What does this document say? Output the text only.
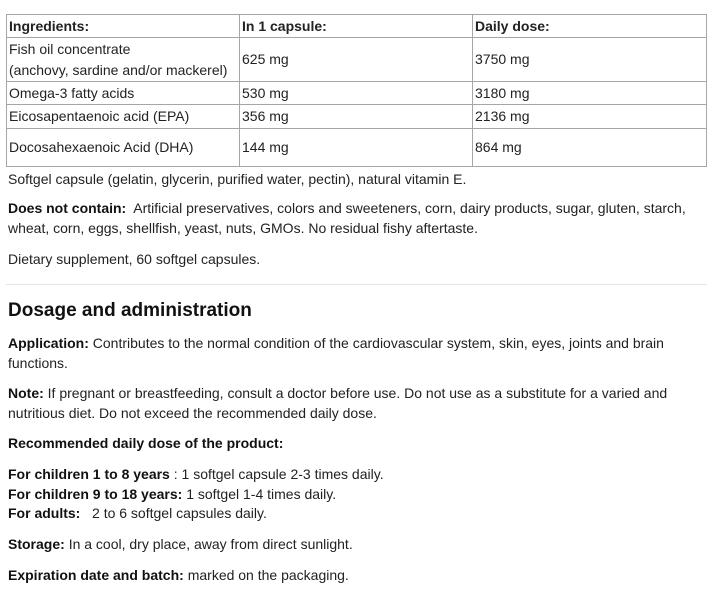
Ingredients:	In 1 capsule:	Daily dose:

Fish oil concentrate
(anchovy, sardine and/or mackerel)	625 mg	3750 mg
Omega-3 fatty acids	530 mg	3180 mg
Eicosapentaenoic acid (EPA)	356 mg	2136 mg
Docosahexaenoic Acid (DHA)	144 mg	864 mg

Softgel capsule (gelatin, glycerin, purified water, pectin), natural vitamin E.

Does not contain: Artificial preservatives, colors and sweeteners, corn, dairy products, sugar, gluten, starch, wheat, corn, eggs, shellfish, yeast, nuts, GMOs. No residual fishy aftertaste.

Dietary supplement, 60 softgel capsules.

Dosage and administration

Application: Contributes to the normal condition of the cardiovascular system, skin, eyes, joints and brain functions.

Note: If pregnant or breastfeeding, consult a doctor before use. Do not use as a substitute for a varied and nutritious diet. Do not exceed the recommended daily dose.

Recommended daily dose of the product:

For children 1 to 8 years : 1 softgel capsule 2-3 times daily.

For children 9 to 18 years: 1 softgel 1-4 times daily.

For adults: 2 to 6 softgel capsules daily.

Storage: In a cool, dry place, away from direct sunlight.

Expiration date and batch: marked on the packaging.
